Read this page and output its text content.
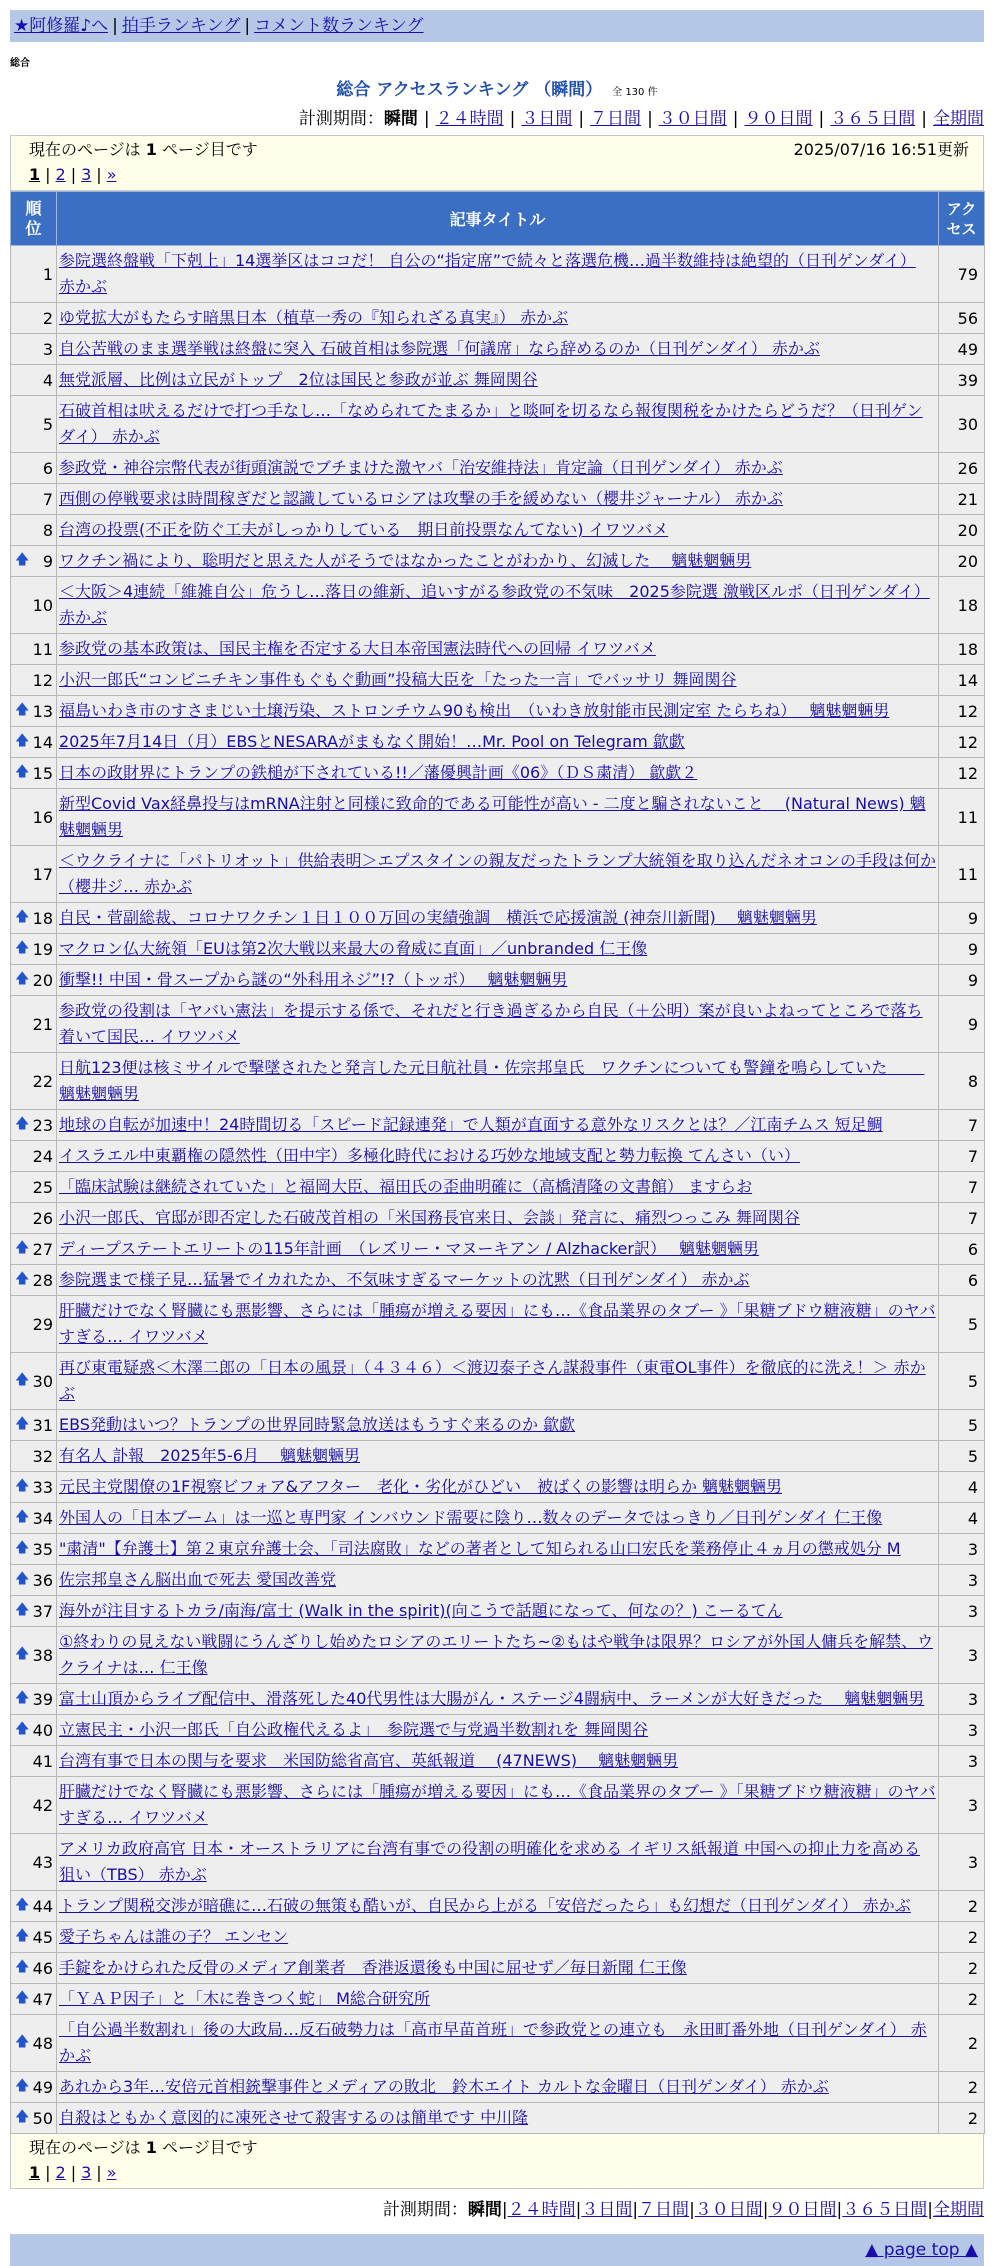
★阿修羅♪へ | 拍手ランキング | コメント数ランキング
総合
総合 アクセスランキング （瞬間） 全 130 件
計測期間：瞬間 | ２４時間 | ３日間 | ７日間 | ３０日間 | ９０日間 | ３６５日間 | 全期間
現在のページは 1 ページ目です	2025/07/16 16:51更新
1 | 2 | 3 | »
順位	記事タイトル	アクセス

1	参院選終盤戦「下剋上」14選挙区はココだ！ 自公の“指定席”で続々と落選危機…過半数維持は絶望的（日刊ゲンダイ） 赤かぶ	79
2	ゆ党拡大がもたらす暗黒日本（植草一秀の『知られざる真実』） 赤かぶ	56
3	自公苦戦のまま選挙戦は終盤に突入 石破首相は参院選「何議席」なら辞めるのか（日刊ゲンダイ） 赤かぶ	49
4	無党派層、比例は立民がトップ　2位は国民と参政が並ぶ 舞岡関谷	39
5	石破首相は吠えるだけで打つ手なし…「なめられてたまるか」と啖呵を切るなら報復関税をかけたらどうだ？（日刊ゲンダイ） 赤かぶ	30
6	参政党・神谷宗幣代表が街頭演説でブチまけた激ヤバ「治安維持法」肯定論（日刊ゲンダイ） 赤かぶ	26
7	西側の停戦要求は時間稼ぎだと認識しているロシアは攻撃の手を緩めない（櫻井ジャーナル） 赤かぶ	21
8	台湾の投票(不正を防ぐ工夫がしっかりしている　期日前投票なんてない) イワツバメ	20

🡅 9	ワクチン禍により、聡明だと思えた人がそうではなかったことがわかり、幻滅した　 魑魅魍魎男	20
10	＜大阪＞4連続「維雑自公」危うし…落日の維新、追いすがる参政党の不気味　2025参院選 激戦区ルポ（日刊ゲンダイ） 赤かぶ	18
11	参政党の基本政策は、国民主権を否定する大日本帝国憲法時代への回帰 イワツバメ	18
12	小沢一郎氏“コンビニチキン事件もぐもぐ動画”投稿大臣を「たった一言」でバッサリ 舞岡関谷	14

🡅 13	福島いわき市のすさまじい土壌汚染、ストロンチウム90も検出　（いわき放射能市民測定室 たらちね）　 魑魅魍魎男	12

🡅 14	2025年7月14日（月）EBSとNESARAがまもなく開始！…Mr. Pool on Telegram 歙歔	12

🡅 15	日本の政財界にトランプの鉄槌が下されている!!／藩優興計画《06》（ＤＳ粛清） 歙歔２	12
16	新型Covid Vax経鼻投与はmRNA注射と同様に致命的である可能性が高い - 二度と騙されないこと　 (Natural News) 魑魅魍魎男	11
17	＜ウクライナに「パトリオット」供給表明＞エプスタインの親友だったトランプ大統領を取り込んだネオコンの手段は何か（櫻井ジ… 赤かぶ	11

🡅 18	自民・菅副総裁、コロナワクチン１日１００万回の実績強調　横浜で応援演説 (神奈川新聞)　 魑魅魍魎男	9

🡅 19	マクロン仏大統領「EUは第2次大戦以来最大の脅威に直面」／unbranded 仁王像	9

🡅 20	衝撃!! 中国・骨スープから謎の“外科用ネジ”!?（トッポ）　 魑魅魍魎男	9
21	参政党の役割は「ヤバい憲法」を提示する係で、それだと行き過ぎるから自民（＋公明）案が良いよねってところで落ち着いて国民… イワツバメ	9
22	日航123便は核ミサイルで撃墜されたと発言した元日航社員・佐宗邦皇氏　ワクチンについても警鐘を鳴らしていた　　 魑魅魍魎男	8

🡅 23	地球の自転が加速中！24時間切る「スピード記録連発」で人類が直面する意外なリスクとは？／江南チムス 短足鯛	7
24	イスラエル中東覇権の隠然性（田中宇）多極化時代における巧妙な地域支配と勢力転換 てんさい（い）	7
25	「臨床試験は継続されていた」と福岡大臣、福田氏の歪曲明確に（高橋清隆の文書館） ますらお	7
26	小沢一郎氏、官邸が即否定した石破茂首相の「米国務長官来日、会談」発言に、痛烈つっこみ 舞岡関谷	7

🡅 27	ディープステートエリートの115年計画　（レズリー・マヌーキアン / Alzhacker訳）　 魑魅魍魎男	6

🡅 28	参院選まで様子見…猛暑でイカれたか、不気味すぎるマーケットの沈黙（日刊ゲンダイ） 赤かぶ	6
29	肝臓だけでなく腎臓にも悪影響、さらには「腫瘍が増える要因」にも…《食品業界のタブー 》「果糖ブドウ糖液糖」のヤバすぎる… イワツバメ	5

🡅 30	再び東電疑惑＜木澤二郎の「日本の風景」（４３４６）＜渡辺泰子さん謀殺事件（東電OL事件）を徹底的に洗え！＞ 赤かぶ	5

🡅 31	EBS発動はいつ？トランプの世界同時緊急放送はもうすぐ来るのか 歙歔	5
32	有名人 訃報　2025年5-6月　 魑魅魍魎男	5

🡅 33	元民主党閣僚の1F視察ビフォア&アフター　老化・劣化がひどい　被ばくの影響は明らか 魑魅魍魎男	4

🡅 34	外国人の「日本ブーム」は一巡と専門家 インバウンド需要に陰り…数々のデータではっきり／日刊ゲンダイ 仁王像	4

🡅 35	"粛清"【弁護士】第２東京弁護士会、「司法腐敗」などの著者として知られる山口宏氏を業務停止４ヵ月の懲戒処分 M	3

🡅 36	佐宗邦皇さん脳出血で死去 愛国改善党	3

🡅 37	海外が注目するトカラ/南海/富士 (Walk in the spirit)(向こうで話題になって、何なの？) こーるてん	3

🡅 38	①終わりの見えない戦闘にうんざりし始めたロシアのエリートたち~②もはや戦争は限界？ロシアが外国人傭兵を解禁、ウクライナは… 仁王像	3

🡅 39	富士山頂からライブ配信中、滑落死した40代男性は大腸がん・ステージ4闘病中、ラーメンが大好きだった　 魑魅魍魎男	3

🡅 40	立憲民主・小沢一郎氏「自公政権代えるよ」　参院選で与党過半数割れを 舞岡関谷	3
41	台湾有事で日本の関与を要求　米国防総省高官、英紙報道　 (47NEWS)　 魑魅魍魎男	3
42	肝臓だけでなく腎臓にも悪影響、さらには「腫瘍が増える要因」にも…《食品業界のタブー 》「果糖ブドウ糖液糖」のヤバすぎる… イワツバメ	3
43	アメリカ政府高官 日本・オーストラリアに台湾有事での役割の明確化を求める イギリス紙報道 中国への抑止力を高める狙い（TBS） 赤かぶ	3

🡅 44	トランプ関税交渉が暗礁に…石破の無策も酷いが、自民から上がる「安倍だったら」も幻想だ（日刊ゲンダイ） 赤かぶ	2

🡅 45	愛子ちゃんは誰の子？ エンセン	2

🡅 46	手錠をかけられた反骨のメディア創業者　香港返還後も中国に屈せず／毎日新聞 仁王像	2

🡅 47	「ＹＡＰ因子」と「木に巻きつく蛇」 M総合研究所	2

🡅 48	「自公過半数割れ」後の大政局…反石破勢力は「高市早苗首班」で参政党との連立も　永田町番外地（日刊ゲンダイ） 赤かぶ	2

🡅 49	あれから3年…安倍元首相銃撃事件とメディアの敗北　鈴木エイト カルトな金曜日（日刊ゲンダイ） 赤かぶ	2

🡅 50	自殺はともかく意図的に凍死させて殺害するのは簡単です 中川隆	2
現在のページは 1 ページ目です
1 | 2 | 3 | »
計測期間：瞬間|２４時間|３日間|７日間|３０日間|９０日間|３６５日間|全期間
▲ page top ▲
